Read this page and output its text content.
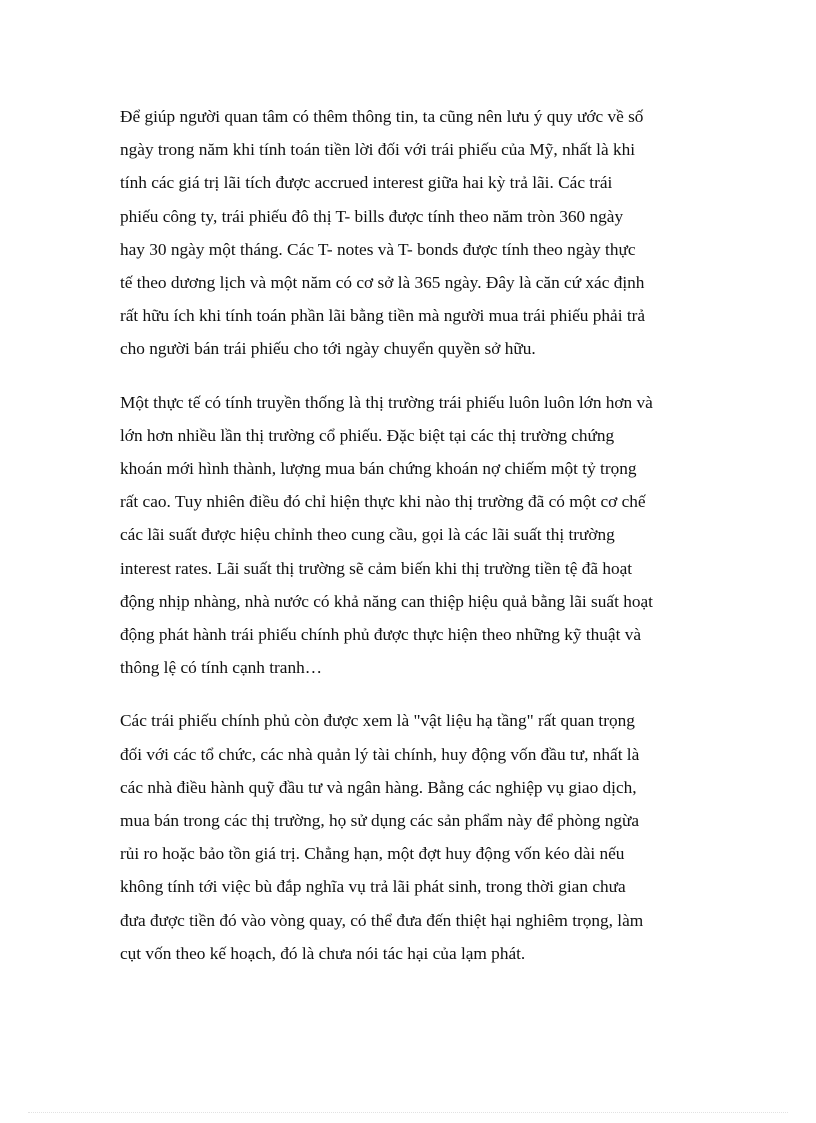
Để giúp người quan tâm có thêm thông tin, ta cũng nên lưu ý quy ước về số
ngày trong năm khi tính toán tiền lời đối với trái phiếu của Mỹ, nhất là khi
tính các giá trị lãi tích được accrued interest giữa hai kỳ trả lãi. Các trái
phiếu công ty, trái phiếu đô thị T- bills được tính theo năm tròn 360 ngày
hay 30 ngày một tháng. Các T- notes và T- bonds được tính theo ngày thực
tế theo dương lịch và một năm có cơ sở là 365 ngày. Đây là căn cứ xác định
rất hữu ích khi tính toán phần lãi bằng tiền mà người mua trái phiếu phải trả
cho người bán trái phiếu cho tới ngày chuyển quyền sở hữu.

Một thực tế có tính truyền thống là thị trường trái phiếu luôn luôn lớn hơn và
lớn hơn nhiều lần thị trường cổ phiếu. Đặc biệt tại các thị trường chứng
khoán mới hình thành, lượng mua bán chứng khoán nợ chiếm một tỷ trọng
rất cao. Tuy nhiên điều đó chỉ hiện thực khi nào thị trường đã có một cơ chế
các lãi suất được hiệu chỉnh theo cung cầu, gọi là các lãi suất thị trường
interest rates. Lãi suất thị trường sẽ cảm biến khi thị trường tiền tệ đã hoạt
động nhịp nhàng, nhà nước có khả năng can thiệp hiệu quả bằng lãi suất hoạt
động phát hành trái phiếu chính phủ được thực hiện theo những kỹ thuật và
thông lệ có tính cạnh tranh…

Các trái phiếu chính phủ còn được xem là "vật liệu hạ tầng" rất quan trọng
đối với các tổ chức, các nhà quản lý tài chính, huy động vốn đầu tư, nhất là
các nhà điều hành quỹ đầu tư và ngân hàng. Bằng các nghiệp vụ giao dịch,
mua bán trong các thị trường, họ sử dụng các sản phẩm này để phòng ngừa
rủi ro hoặc bảo tồn giá trị. Chẳng hạn, một đợt huy động vốn kéo dài nếu
không tính tới việc bù đắp nghĩa vụ trả lãi phát sinh, trong thời gian chưa
đưa được tiền đó vào vòng quay, có thể đưa đến thiệt hại nghiêm trọng, làm
cụt vốn theo kế hoạch, đó là chưa nói tác hại của lạm phát.
